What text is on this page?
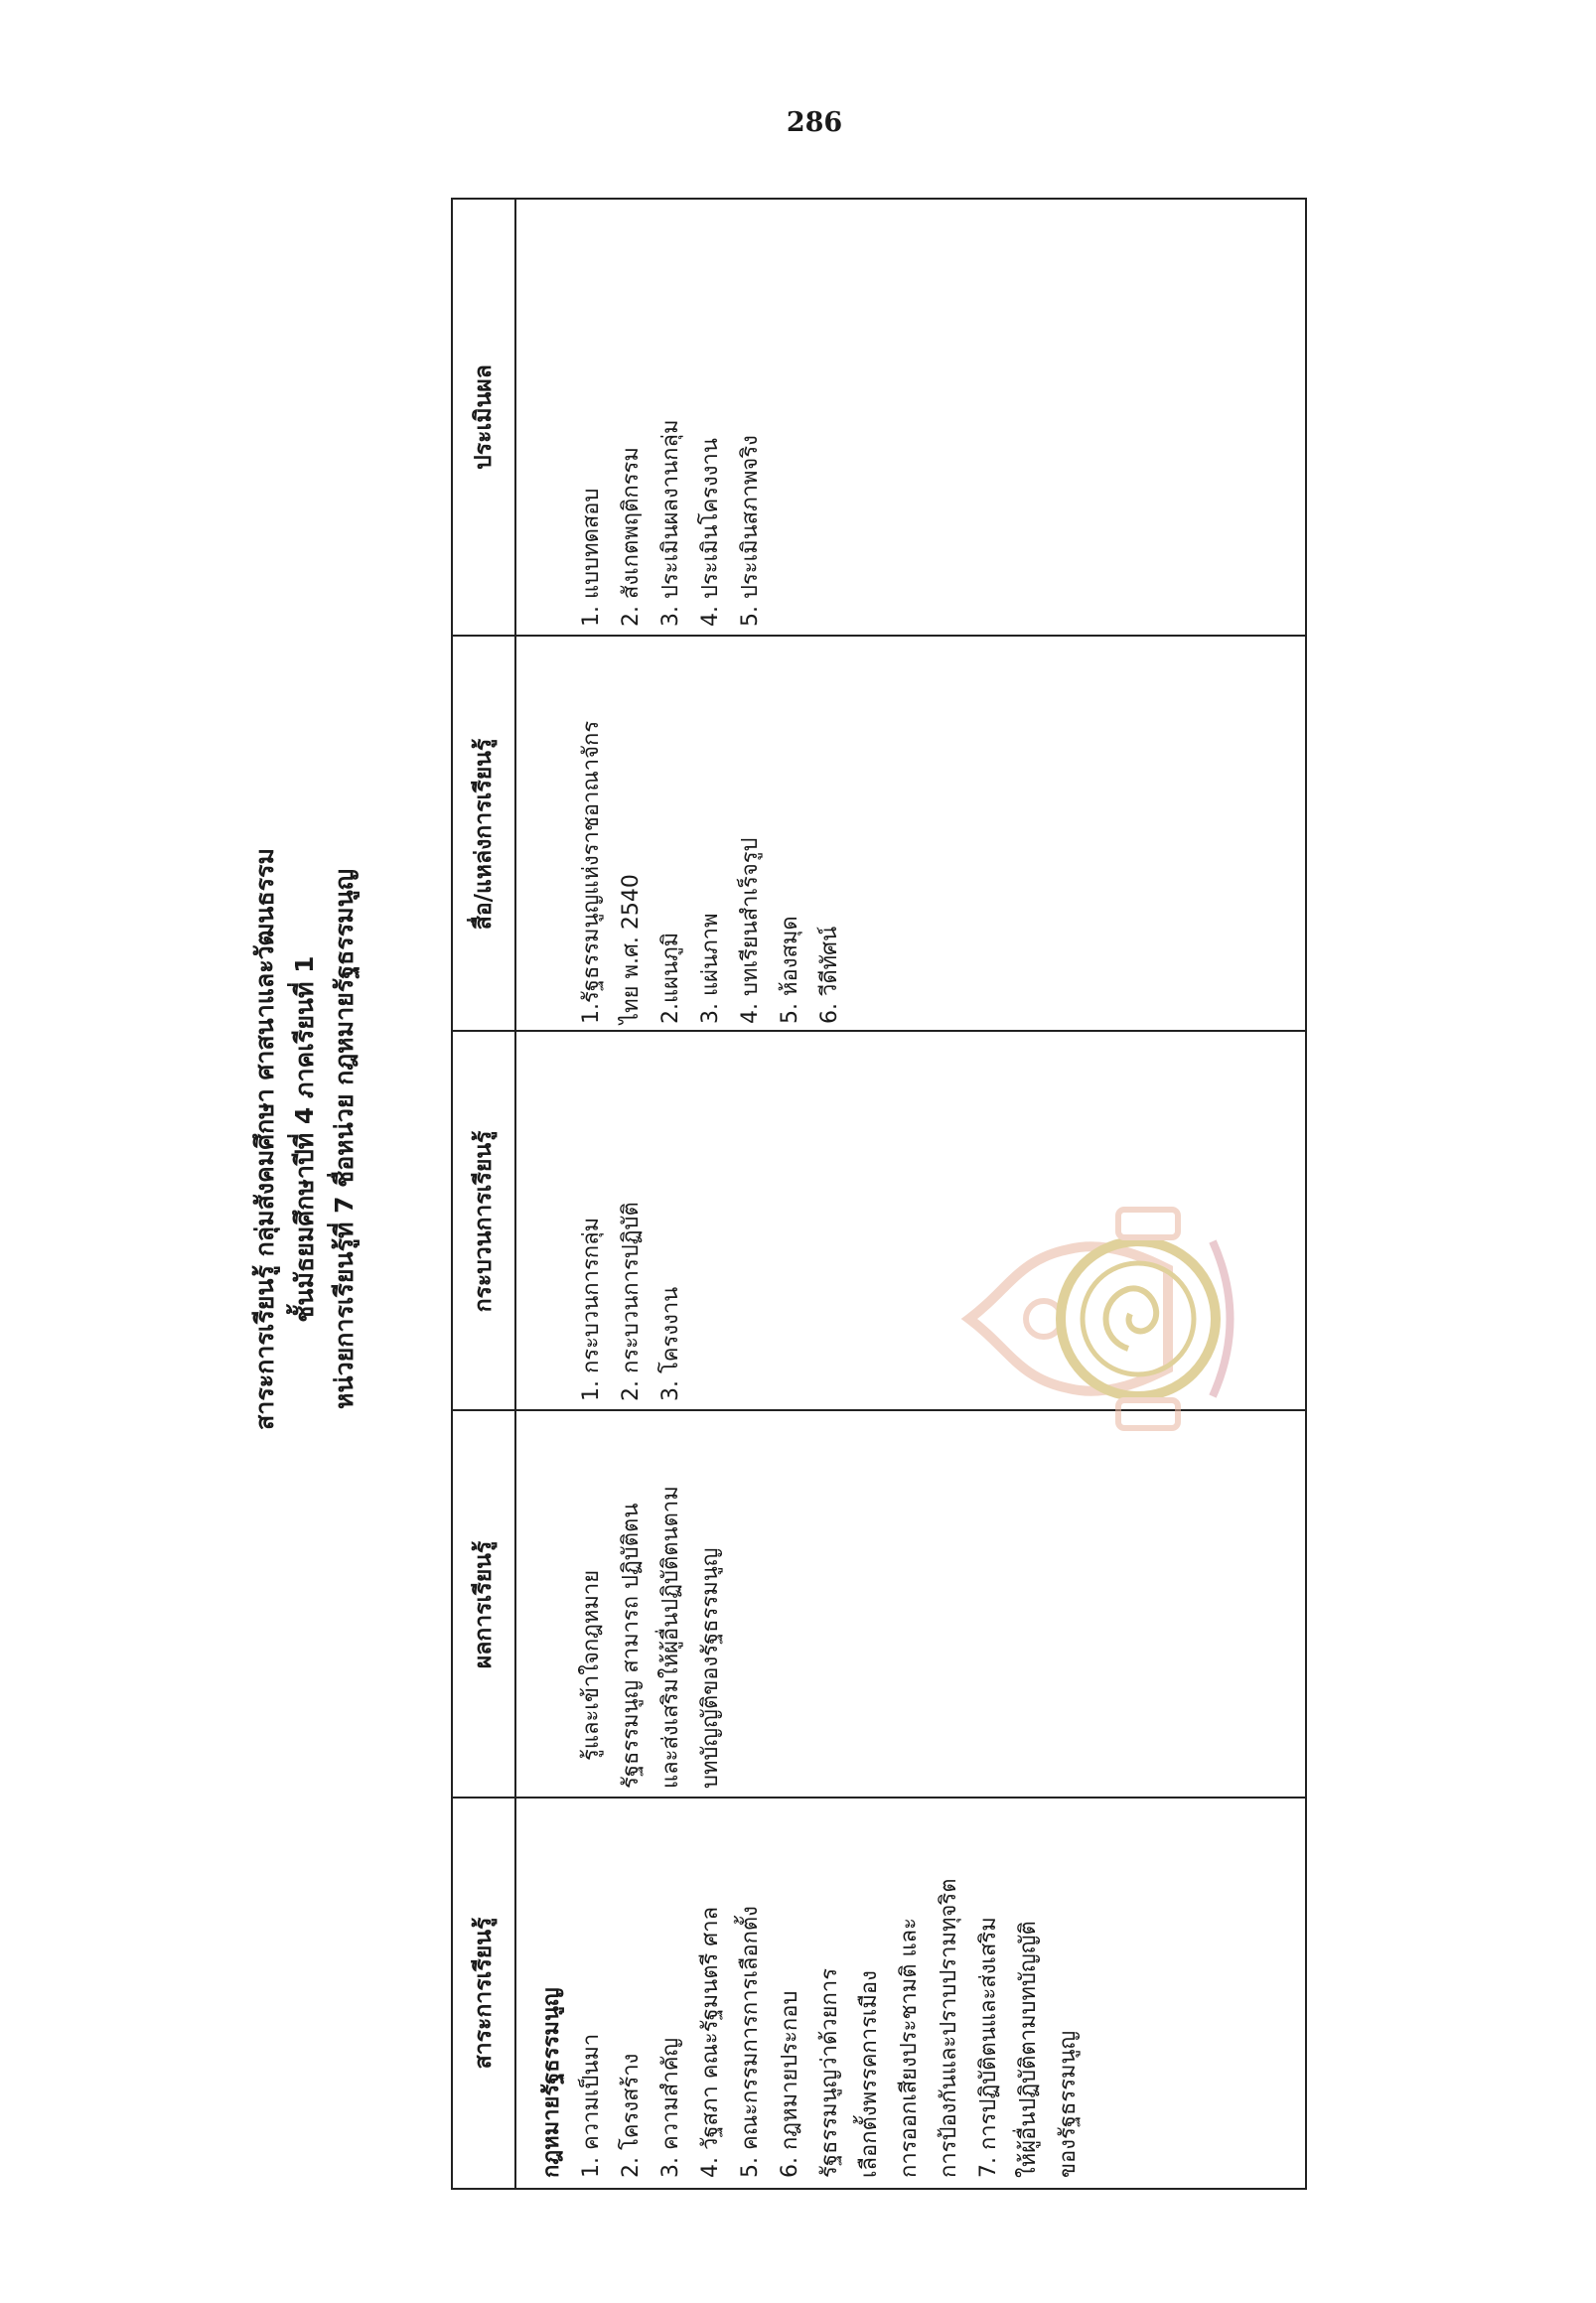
286
สาระการเรียนรู้ กลุ่มสังคมศึกษา ศาสนาและวัฒนธรรม ชั้นมัธยมศึกษาปีที่ 4 ภาคเรียนที่ 1 หน่วยการเรียนรู้ที่ 7 ชื่อหน่วย กฎหมายรัฐธรรมนูญ
สาระการเรียนรู้
ผลการเรียนรู้
กระบวนการเรียนรู้
สื่อ/แหล่งการเรียนรู้
ประเมินผล
กฎหมายรัฐธรรมนูญ 1. ความเป็นมา 2. โครงสร้าง 3. ความสำคัญ 4. วัฐสภา คณะรัฐมนตรี ศาล 5. คณะกรรมการการเลือกตั้ง 6. กฎหมายประกอบ รัฐธรรมนูญว่าด้วยการ เลือกตั้งพรรคการเมือง การออกเสียงประชามติ และ การป้องกันและปราบปรามทุจริต 7. การปฏิบัติตนและส่งเสริม ให้ผู้อื่นปฏิบัติตามบทบัญญัติ ของรัฐธรรมนูญ
รู้และเข้าใจกฎหมาย รัฐธรรมนูญ สามารถ ปฏิบัติตน และส่งเสริมให้ผู้อื่นปฏิบัติตนตาม บทบัญญัติของรัฐธรรมนูญ
1. กระบวนการกลุ่ม 2. กระบวนการปฏิบัติ 3. โครงงาน
1.รัฐธรรมนูญแห่งราชอาณาจักร ไทย พ.ศ. 2540 2.แผนภูมิ 3. แผ่นภาพ 4. บทเรียนสำเร็จรูป 5. ห้องสมุด 6. วีดีทัศน์
1. แบบทดสอบ 2. สังเกตพฤติกรรม 3. ประเมินผลงานกลุ่ม 4. ประเมินโครงงาน 5. ประเมินสภาพจริง
